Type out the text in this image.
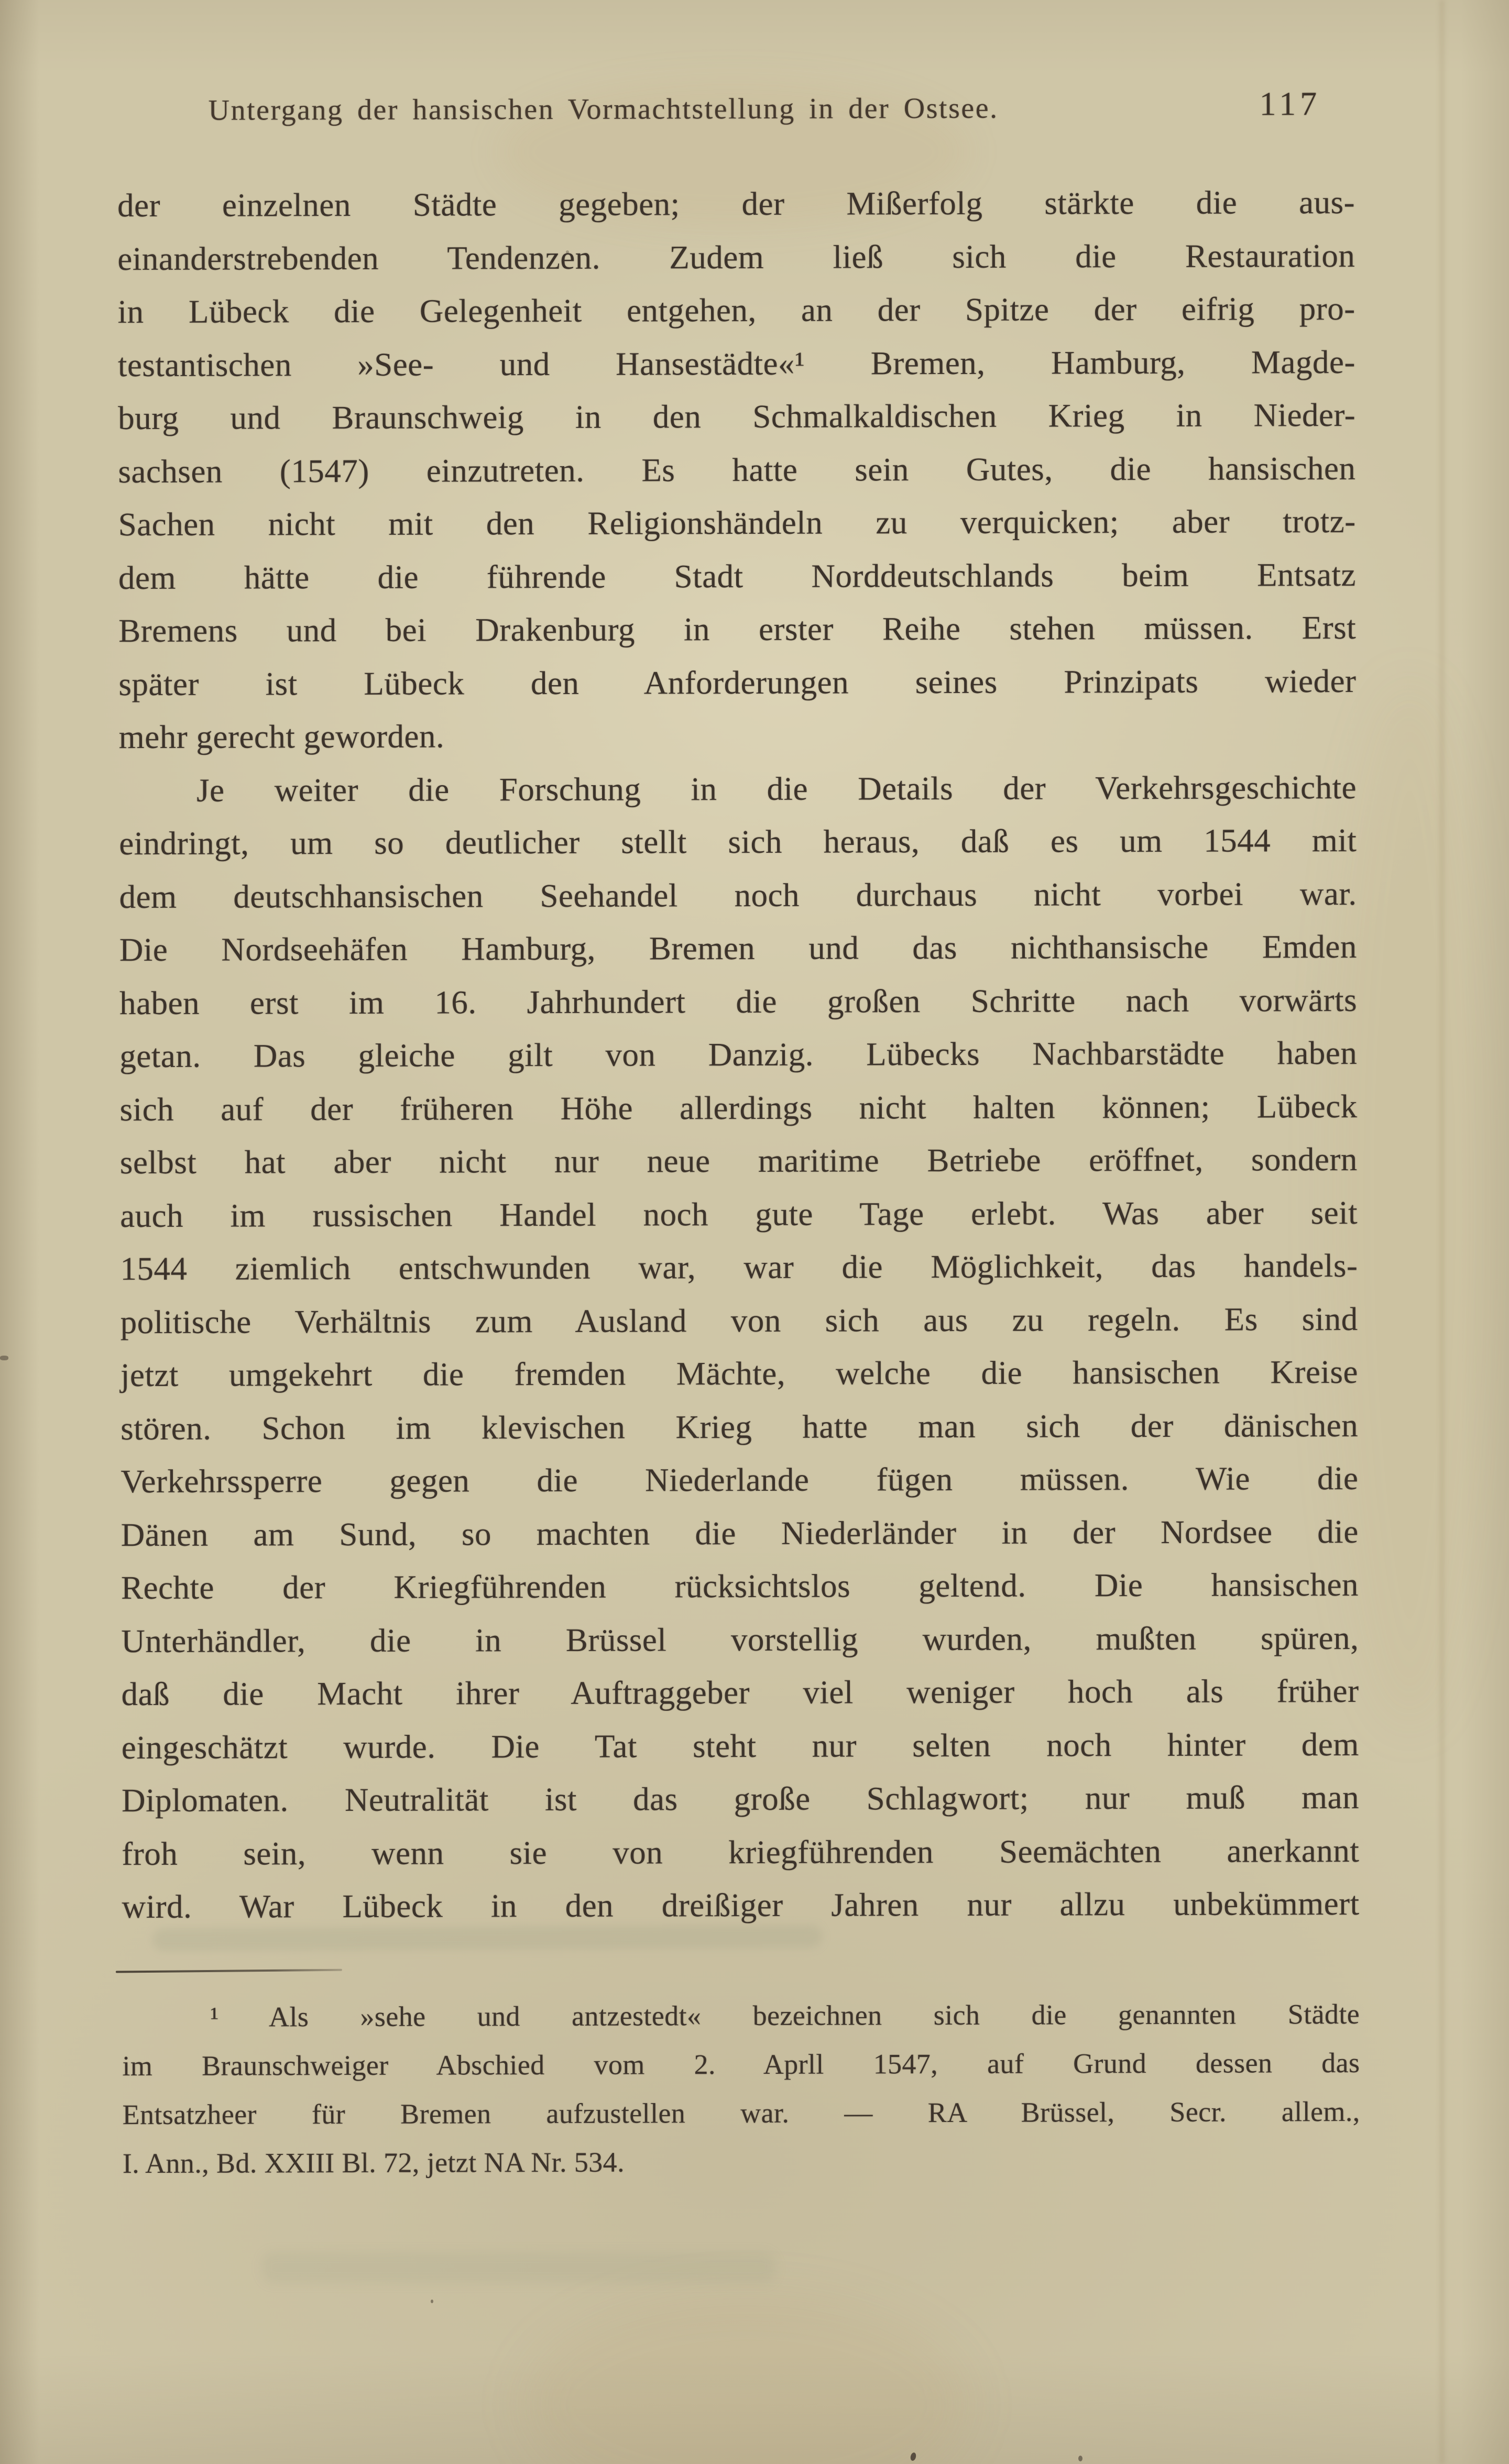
Untergang der hansischen Vormachtstellung in der Ostsee.	117
der einzelnen Städte gegeben; der Mißerfolg stärkte die aus-
einanderstrebenden Tendenzen. Zudem ließ sich die Restauration
in Lübeck die Gelegenheit entgehen, an der Spitze der eifrig pro-
testantischen »See- und Hansestädte«¹ Bremen, Hamburg, Magde-
burg und Braunschweig in den Schmalkaldischen Krieg in Nieder-
sachsen (1547) einzutreten. Es hatte sein Gutes, die hansischen
Sachen nicht mit den Religionshändeln zu verquicken; aber trotz-
dem hätte die führende Stadt Norddeutschlands beim Entsatz
Bremens und bei Drakenburg in erster Reihe stehen müssen. Erst
später ist Lübeck den Anforderungen seines Prinzipats wieder
mehr gerecht geworden.
Je weiter die Forschung in die Details der Verkehrsgeschichte
eindringt, um so deutlicher stellt sich heraus, daß es um 1544 mit
dem deutschhansischen Seehandel noch durchaus nicht vorbei war.
Die Nordseehäfen Hamburg, Bremen und das nichthansische Emden
haben erst im 16. Jahrhundert die großen Schritte nach vorwärts
getan. Das gleiche gilt von Danzig. Lübecks Nachbarstädte haben
sich auf der früheren Höhe allerdings nicht halten können; Lübeck
selbst hat aber nicht nur neue maritime Betriebe eröffnet, sondern
auch im russischen Handel noch gute Tage erlebt. Was aber seit
1544 ziemlich entschwunden war, war die Möglichkeit, das handels-
politische Verhältnis zum Ausland von sich aus zu regeln. Es sind
jetzt umgekehrt die fremden Mächte, welche die hansischen Kreise
stören. Schon im klevischen Krieg hatte man sich der dänischen
Verkehrssperre gegen die Niederlande fügen müssen. Wie die
Dänen am Sund, so machten die Niederländer in der Nordsee die
Rechte der Kriegführenden rücksichtslos geltend. Die hansischen
Unterhändler, die in Brüssel vorstellig wurden, mußten spüren,
daß die Macht ihrer Auftraggeber viel weniger hoch als früher
eingeschätzt wurde. Die Tat steht nur selten noch hinter dem
Diplomaten. Neutralität ist das große Schlagwort; nur muß man
froh sein, wenn sie von kriegführenden Seemächten anerkannt
wird. War Lübeck in den dreißiger Jahren nur allzu unbekümmert
¹ Als »sehe und antzestedt« bezeichnen sich die genannten Städte
im Braunschweiger Abschied vom 2. Aprll 1547, auf Grund dessen das
Entsatzheer für Bremen aufzustellen war. — RA Brüssel, Secr. allem.,
I. Ann., Bd. XXIII Bl. 72, jetzt NA Nr. 534.
